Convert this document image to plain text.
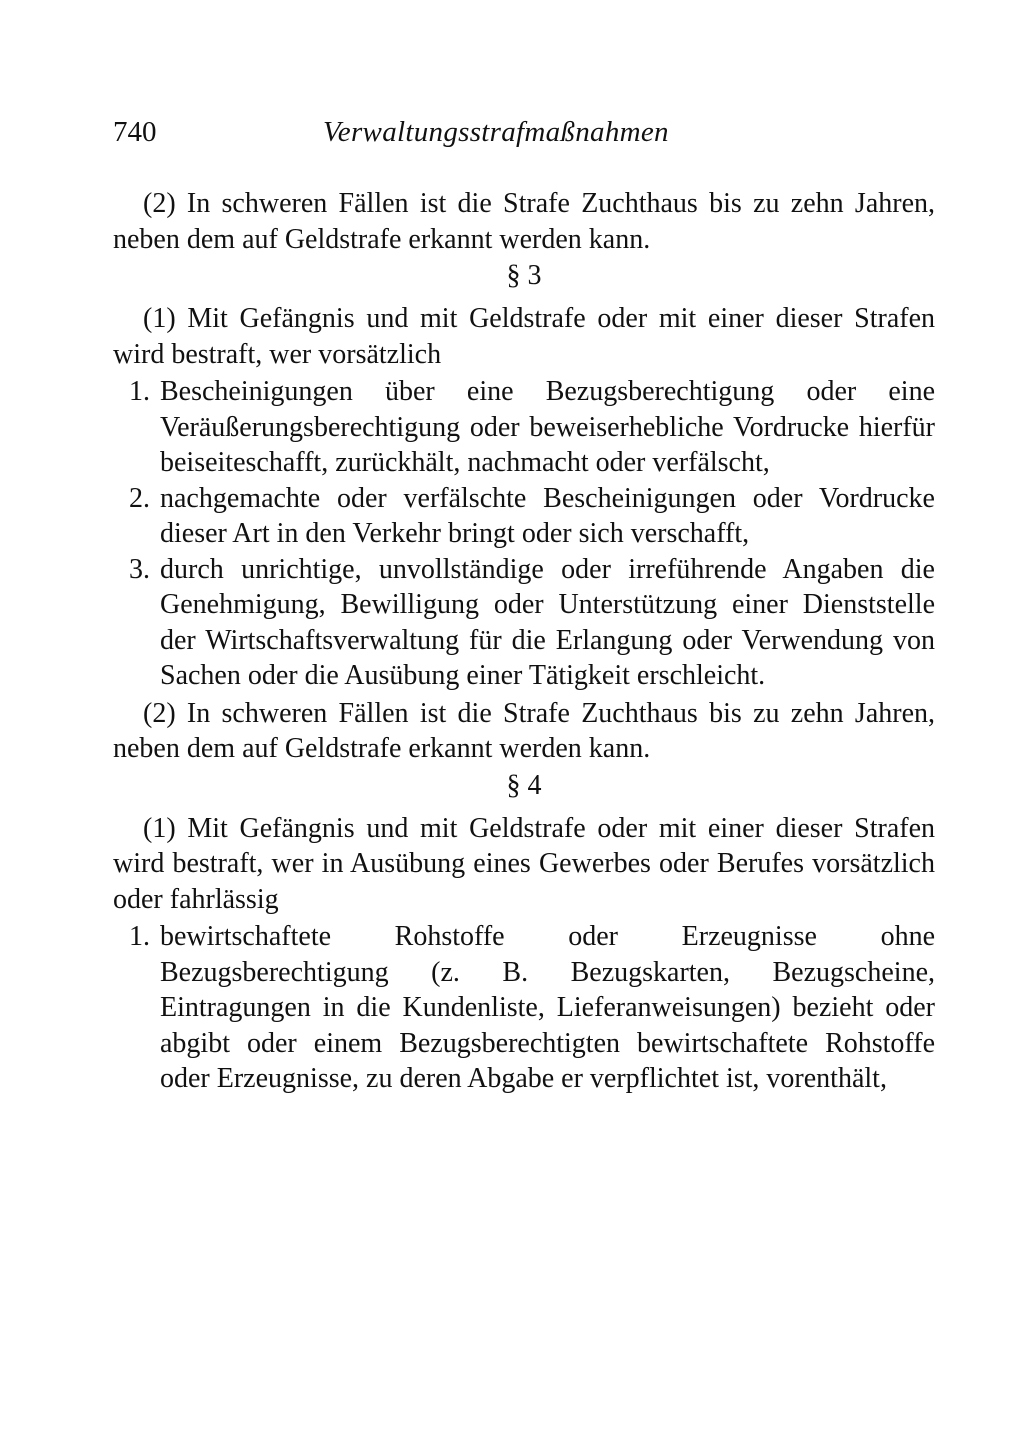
740	Verwaltungsstrafmaßnahmen

(2) In schweren Fällen ist die Strafe Zuchthaus bis zu zehn Jahren, neben dem auf Geldstrafe erkannt werden kann.

§ 3

(1) Mit Gefängnis und mit Geldstrafe oder mit einer dieser Strafen wird bestraft, wer vorsätzlich

1. Bescheinigungen über eine Bezugsberechtigung oder eine Veräußerungsberechtigung oder beweiserhebliche Vordrucke hierfür beiseiteschafft, zurückhält, nachmacht oder verfälscht,
2. nachgemachte oder verfälschte Bescheinigungen oder Vordrucke dieser Art in den Verkehr bringt oder sich verschafft,
3. durch unrichtige, unvollständige oder irreführende Angaben die Genehmigung, Bewilligung oder Unterstützung einer Dienststelle der Wirtschaftsverwaltung für die Erlangung oder Verwendung von Sachen oder die Ausübung einer Tätigkeit erschleicht.

(2) In schweren Fällen ist die Strafe Zuchthaus bis zu zehn Jahren, neben dem auf Geldstrafe erkannt werden kann.

§ 4

(1) Mit Gefängnis und mit Geldstrafe oder mit einer dieser Strafen wird bestraft, wer in Ausübung eines Gewerbes oder Berufes vorsätzlich oder fahrlässig

1. bewirtschaftete Rohstoffe oder Erzeugnisse ohne Bezugsberechtigung (z. B. Bezugskarten, Bezugscheine, Eintragungen in die Kundenliste, Lieferanweisungen) bezieht oder abgibt oder einem Bezugsberechtigten bewirtschaftete Rohstoffe oder Erzeugnisse, zu deren Abgabe er verpflichtet ist, vorenthält,
